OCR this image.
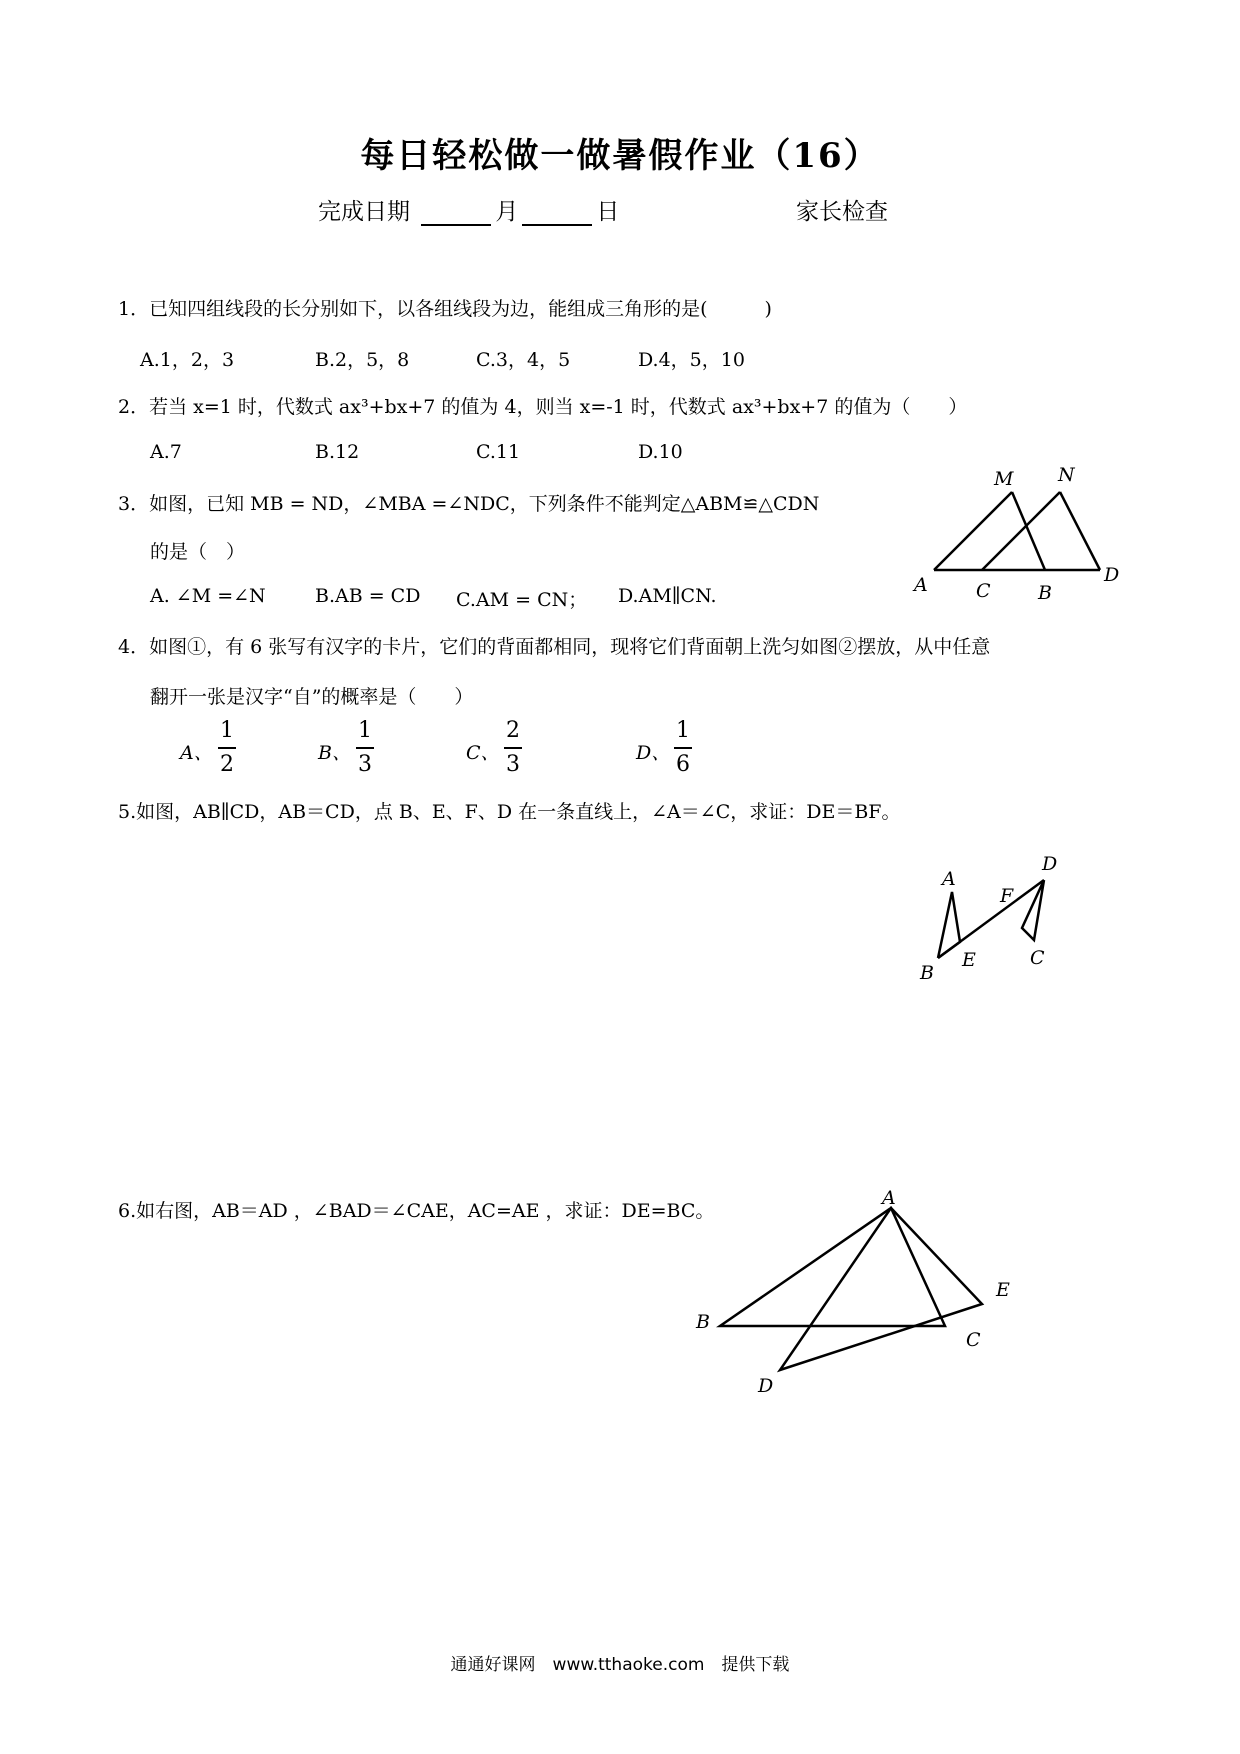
每日轻松做一做暑假作业（16）
完成日期	月	日	家长检查
1．已知四组线段的长分别如下，以各组线段为边，能组成三角形的是(　　　)
A.1，2，3	B.2，5，8	C.3，4，5	D.4，5，10
2．若当 x=1 时，代数式 ax³+bx+7 的值为 4，则当 x=-1 时，代数式 ax³+bx+7 的值为（　　）
A.7	B.12	C.11	D.10
3．如图，已知 MB = ND，∠MBA =∠NDC，下列条件不能判定△ABM≌△CDN
的是（　）
A. ∠M =∠N	B.AB = CD C.AM = CN； D.AM∥CN.
M N
A	C B
D
4．如图①，有 6 张写有汉字的卡片，它们的背面都相同，现将它们背面朝上洗匀如图②摆放，从中任意
翻开一张是汉字“自”的概率是（　　）
A、
1
2	B、
1
3	C、
2
3	D、
1
6
5.如图，AB∥CD，AB＝CD，点 B、E、F、D 在一条直线上，∠A＝∠C，求证：DE＝BF。
A
B
E
F
D
C
6.如右图，AB＝AD ，∠BAD＝∠CAE，AC=AE ，求证：DE=BC。
A
B
C
D
E
通通好课网　www.tthaoke.com　提供下载
